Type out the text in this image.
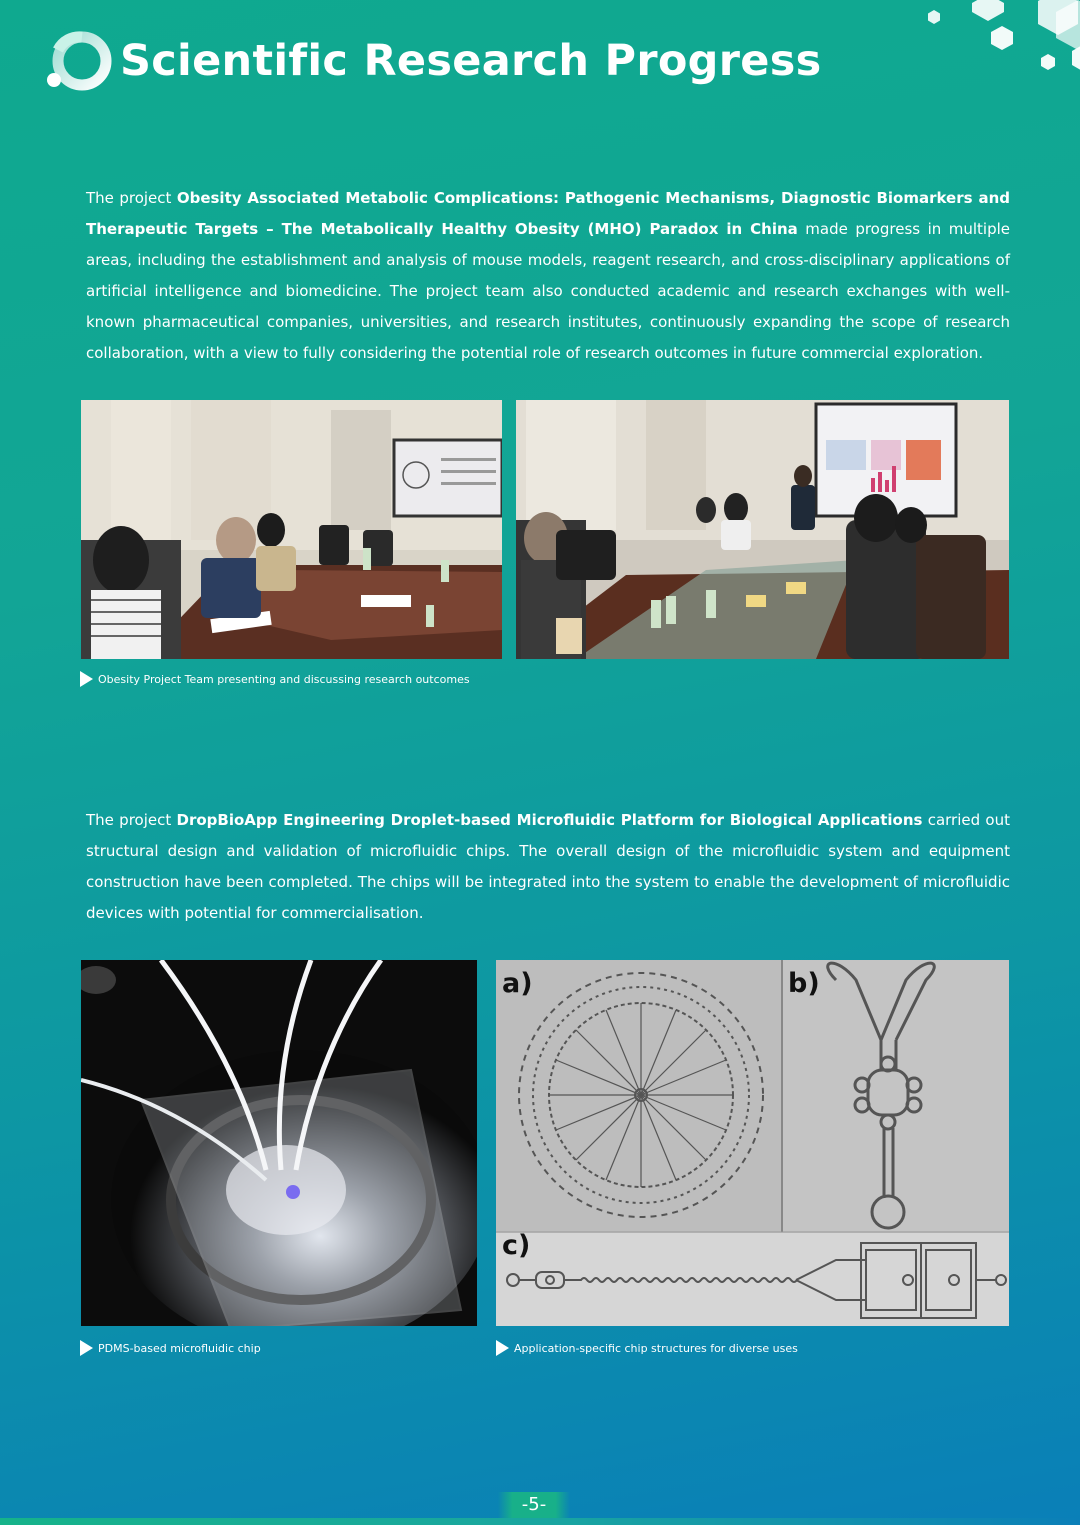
Scientific Research Progress
The project Obesity Associated Metabolic Complications: Pathogenic Mechanisms, Diagnostic Biomarkers and Therapeutic Targets – The Metabolically Healthy Obesity (MHO) Paradox in China made progress in multiple areas, including the establishment and analysis of mouse models, reagent research, and cross-disciplinary applications of artificial intelligence and biomedicine. The project team also conducted academic and research exchanges with well-known pharmaceutical companies, universities, and research institutes, continuously expanding the scope of research collaboration, with a view to fully considering the potential role of research outcomes in future commercial exploration.
Obesity Project Team presenting and discussing research outcomes
The project DropBioApp Engineering Droplet-based Microfluidic Platform for Biological Applications carried out structural design and validation of microfluidic chips. The overall design of the microfluidic system and equipment construction have been completed. The chips will be integrated into the system to enable the development of microfluidic devices with potential for commercialisation.
a)	b)
c)
PDMS-based microfluidic chip	Application-specific chip structures for diverse uses
-5-
